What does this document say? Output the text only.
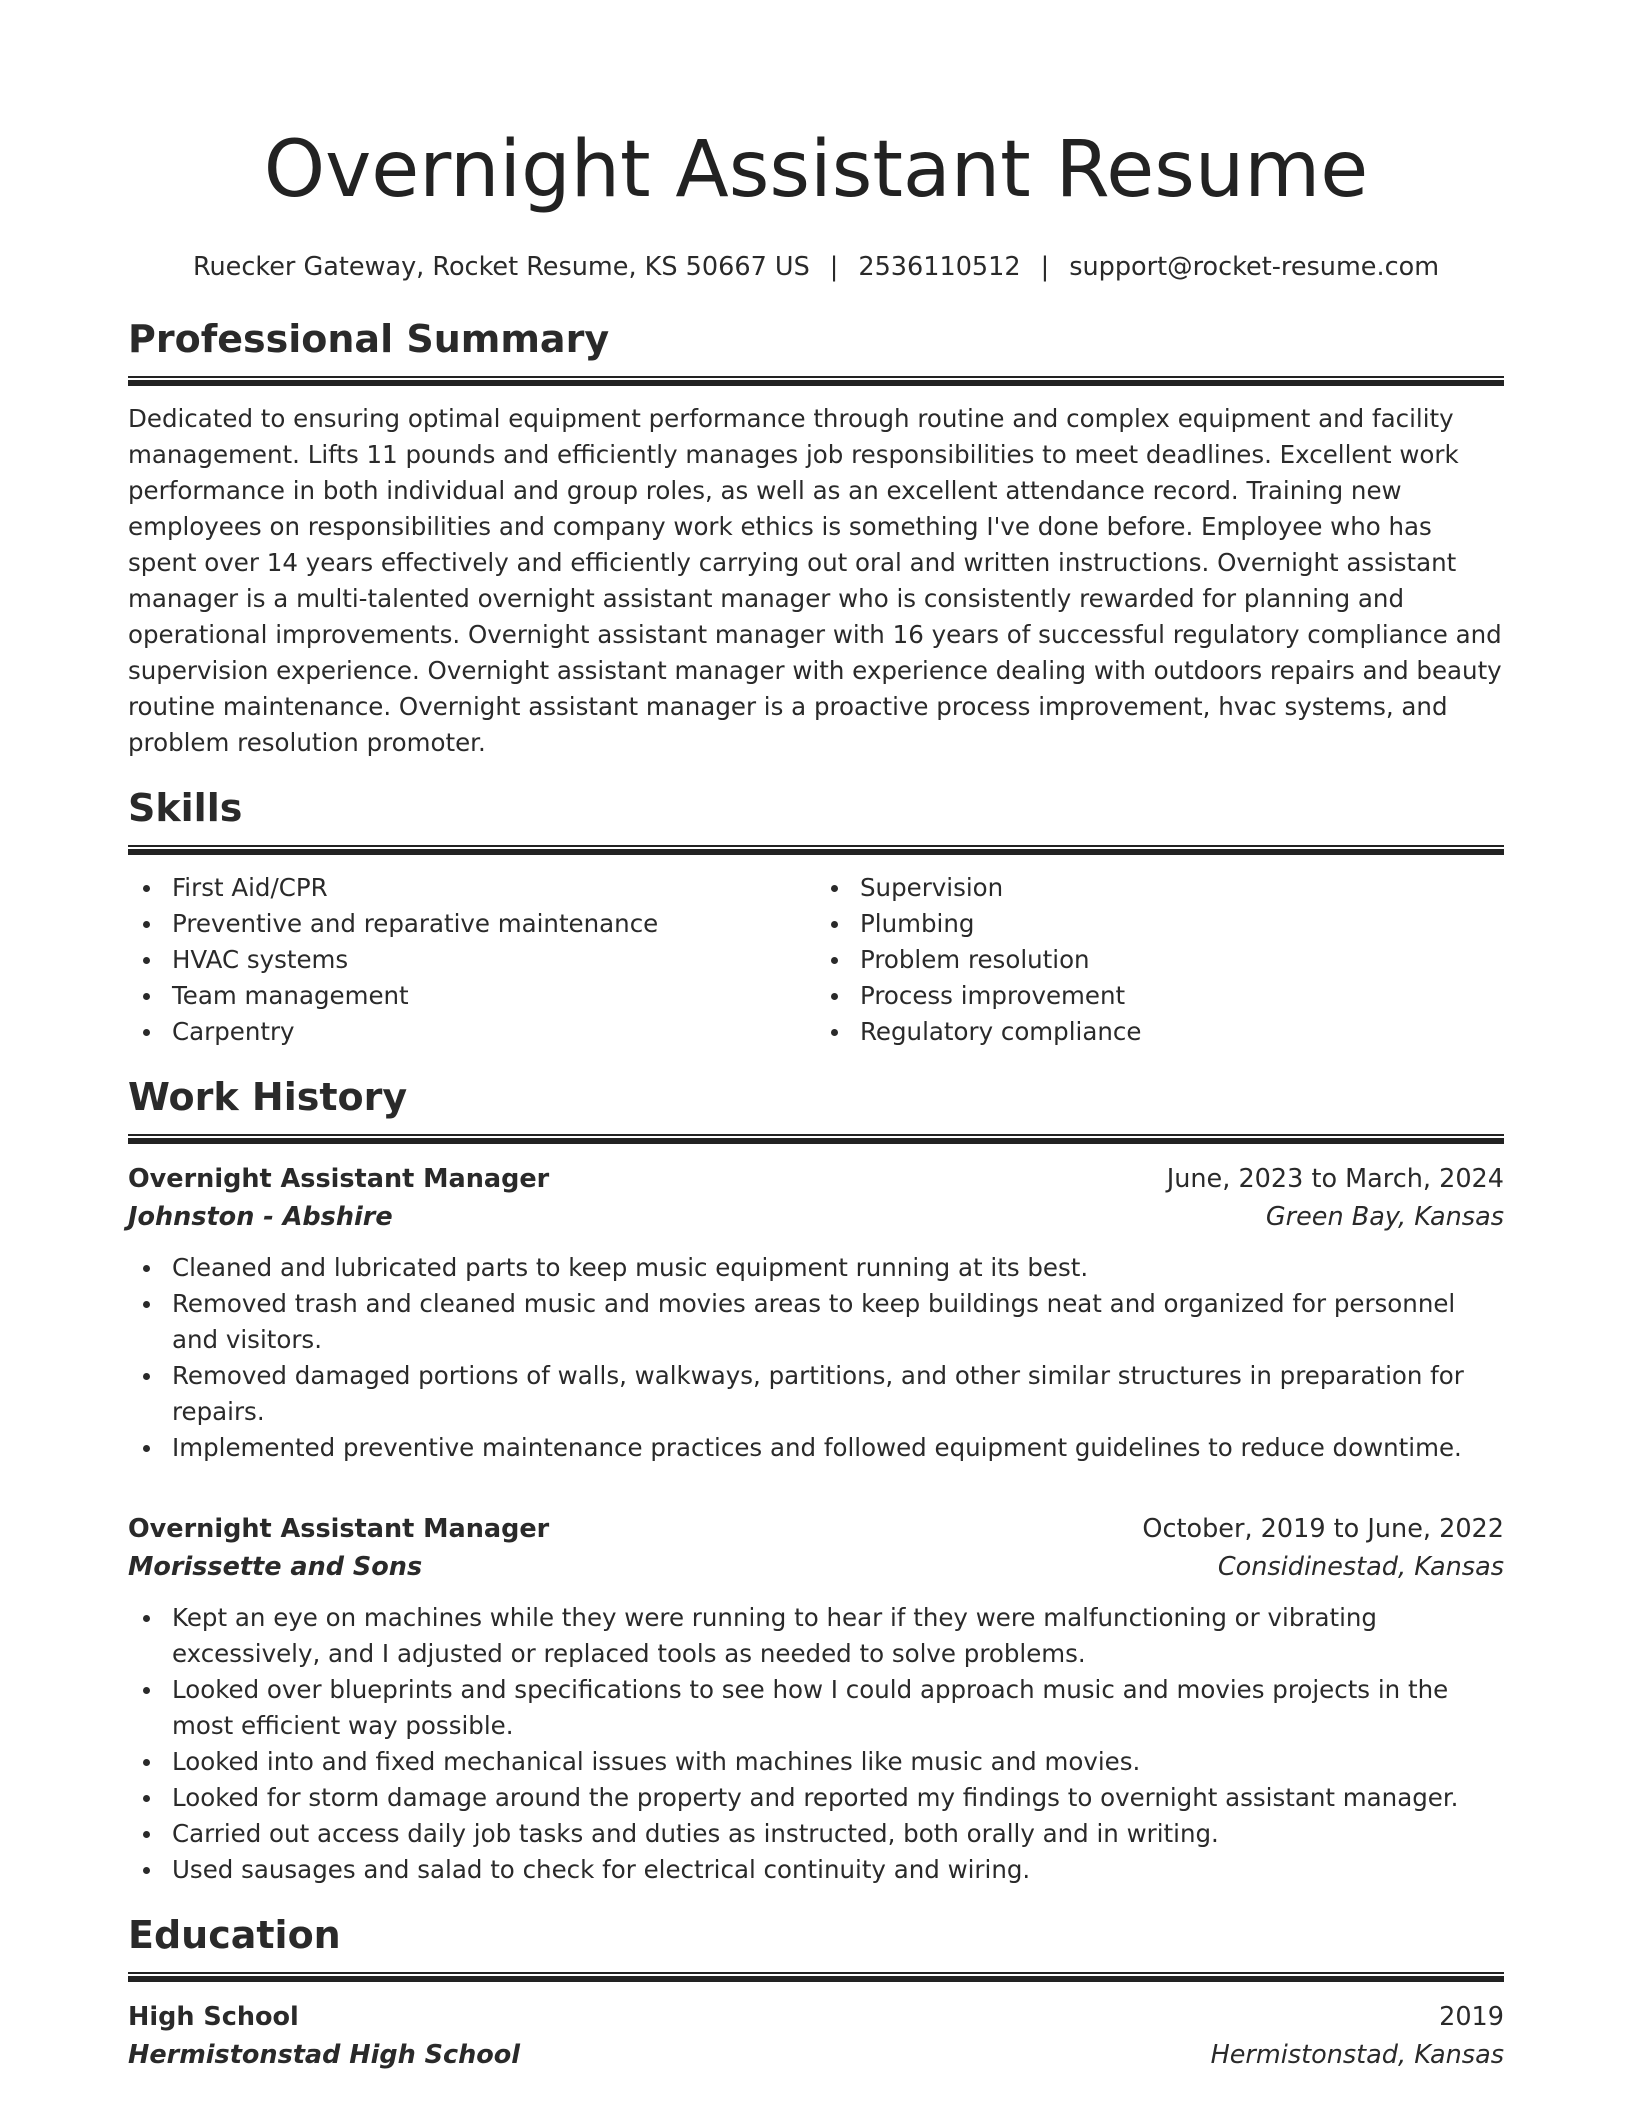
Overnight Assistant Resume
Ruecker Gateway, Rocket Resume, KS 50667 US | 2536110512 | support@rocket-resume.com
Professional Summary
Dedicated to ensuring optimal equipment performance through routine and complex equipment and facility management. Lifts 11 pounds and efficiently manages job responsibilities to meet deadlines. Excellent work performance in both individual and group roles, as well as an excellent attendance record. Training new employees on responsibilities and company work ethics is something I've done before. Employee who has spent over 14 years effectively and efficiently carrying out oral and written instructions. Overnight assistant manager is a multi-talented overnight assistant manager who is consistently rewarded for planning and operational improvements. Overnight assistant manager with 16 years of successful regulatory compliance and supervision experience. Overnight assistant manager with experience dealing with outdoors repairs and beauty routine maintenance. Overnight assistant manager is a proactive process improvement, hvac systems, and problem resolution promoter.
Skills
First Aid/CPR
Preventive and reparative maintenance
HVAC systems
Team management
Carpentry
Supervision
Plumbing
Problem resolution
Process improvement
Regulatory compliance
Work History
Overnight Assistant Manager	June, 2023 to March, 2024
Johnston - Abshire	Green Bay, Kansas
Cleaned and lubricated parts to keep music equipment running at its best.
Removed trash and cleaned music and movies areas to keep buildings neat and organized for personnel and visitors.
Removed damaged portions of walls, walkways, partitions, and other similar structures in preparation for repairs.
Implemented preventive maintenance practices and followed equipment guidelines to reduce downtime.
Overnight Assistant Manager	October, 2019 to June, 2022
Morissette and Sons	Considinestad, Kansas
Kept an eye on machines while they were running to hear if they were malfunctioning or vibrating excessively, and I adjusted or replaced tools as needed to solve problems.
Looked over blueprints and specifications to see how I could approach music and movies projects in the most efficient way possible.
Looked into and fixed mechanical issues with machines like music and movies.
Looked for storm damage around the property and reported my findings to overnight assistant manager.
Carried out access daily job tasks and duties as instructed, both orally and in writing.
Used sausages and salad to check for electrical continuity and wiring.
Education
High School	2019
Hermistonstad High School	Hermistonstad, Kansas
